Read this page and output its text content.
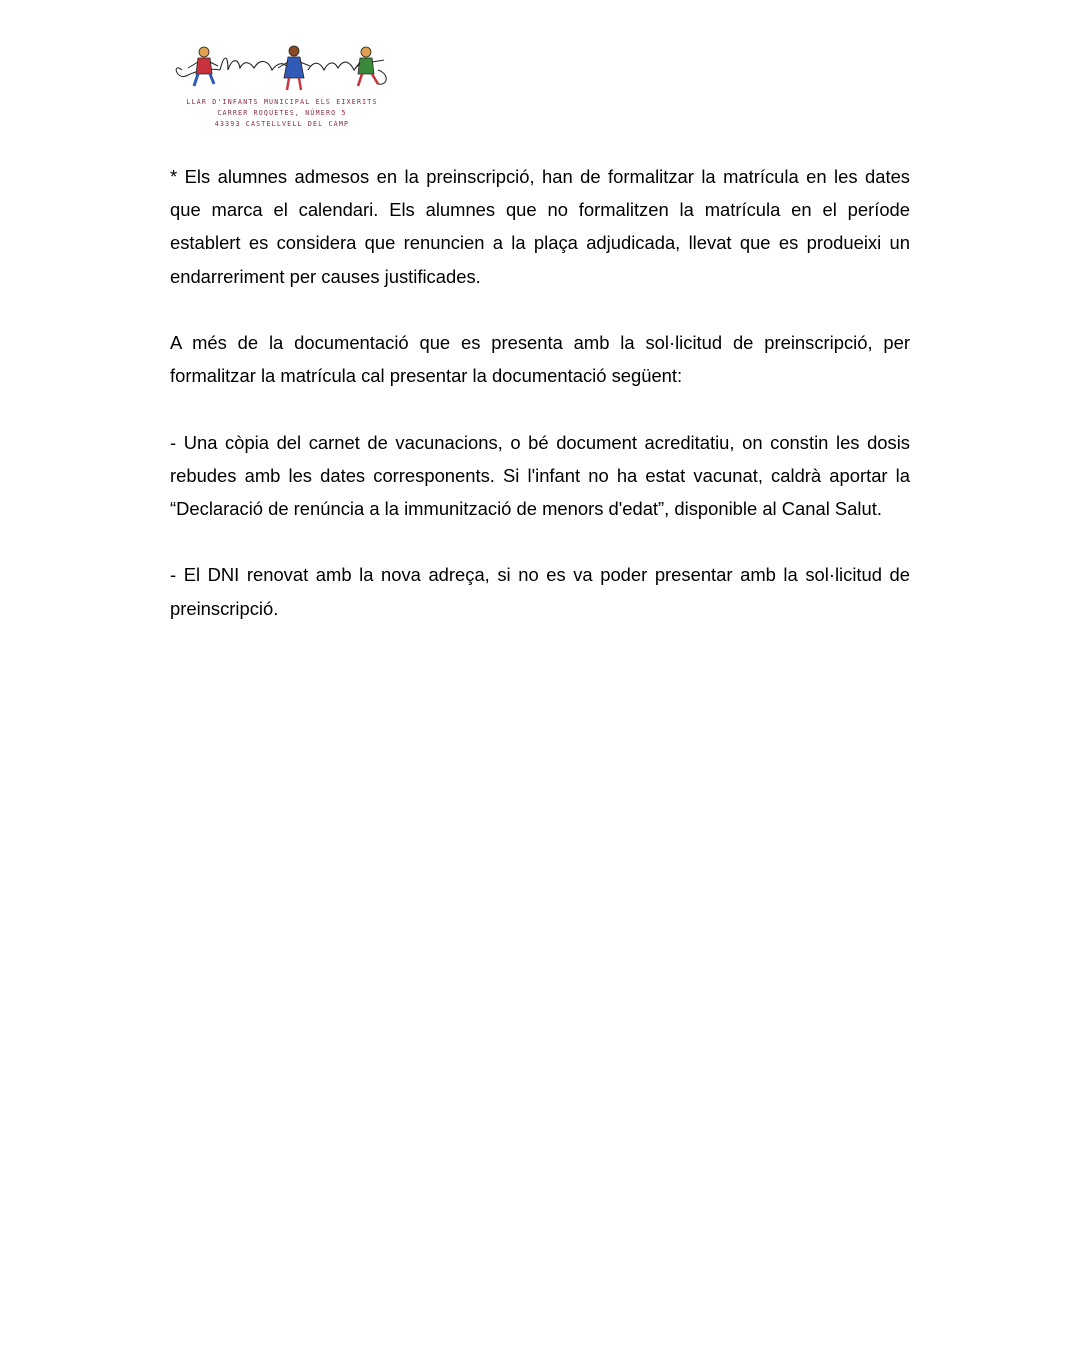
LLAR D'INFANTS MUNICIPAL ELS EIXERITS
CARRER ROQUETES, NÚMERO 5
43393 CASTELLVELL DEL CAMP

* Els alumnes admesos en la preinscripció, han de formalitzar la matrícula en les dates que marca el calendari. Els alumnes que no formalitzen la matrícula en el període establert es considera que renuncien a la plaça adjudicada, llevat que es produeixi un endarreriment per causes justificades.

A més de la documentació que es presenta amb la sol·licitud de preinscripció, per formalitzar la matrícula cal presentar la documentació següent:

- Una còpia del carnet de vacunacions, o bé document acreditatiu, on constin les dosis rebudes amb les dates corresponents. Si l'infant no ha estat vacunat, caldrà aportar la “Declaració de renúncia a la immunització de menors d'edat”, disponible al Canal Salut.

- El DNI renovat amb la nova adreça, si no es va poder presentar amb la sol·licitud de preinscripció.
